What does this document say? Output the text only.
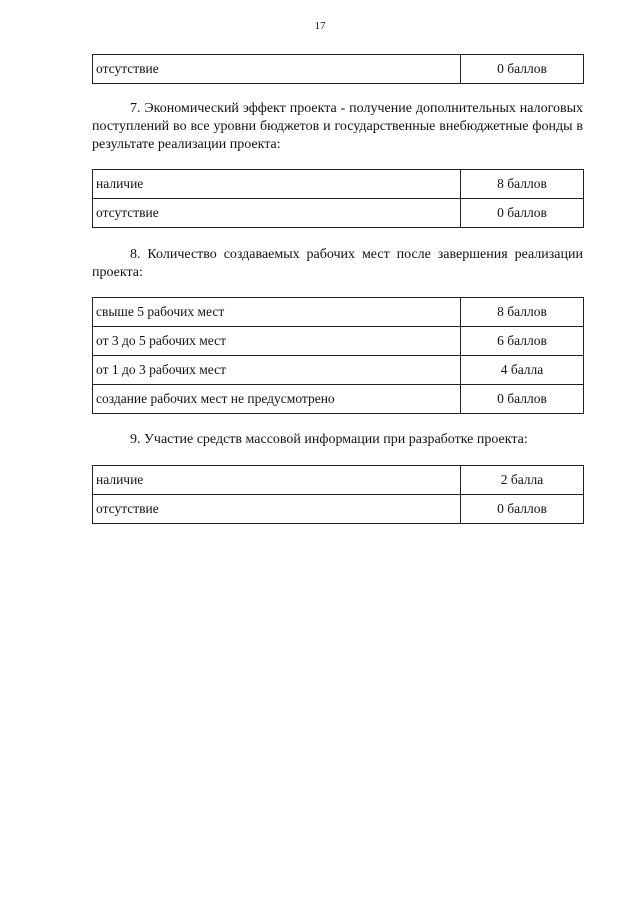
17
отсутствие	0 баллов

7. Экономический эффект проекта - получение дополнительных налоговых поступлений во все уровни бюджетов и государственные внебюджетные фонды в результате реализации проекта:

наличие	8 баллов
отсутствие	0 баллов

8. Количество создаваемых рабочих мест после завершения реализации проекта:

свыше 5 рабочих мест	8 баллов
от 3 до 5 рабочих мест	6 баллов
от 1 до 3 рабочих мест	4 балла
создание рабочих мест не предусмотрено	0 баллов

9. Участие средств массовой информации при разработке проекта:

наличие	2 балла
отсутствие	0 баллов
